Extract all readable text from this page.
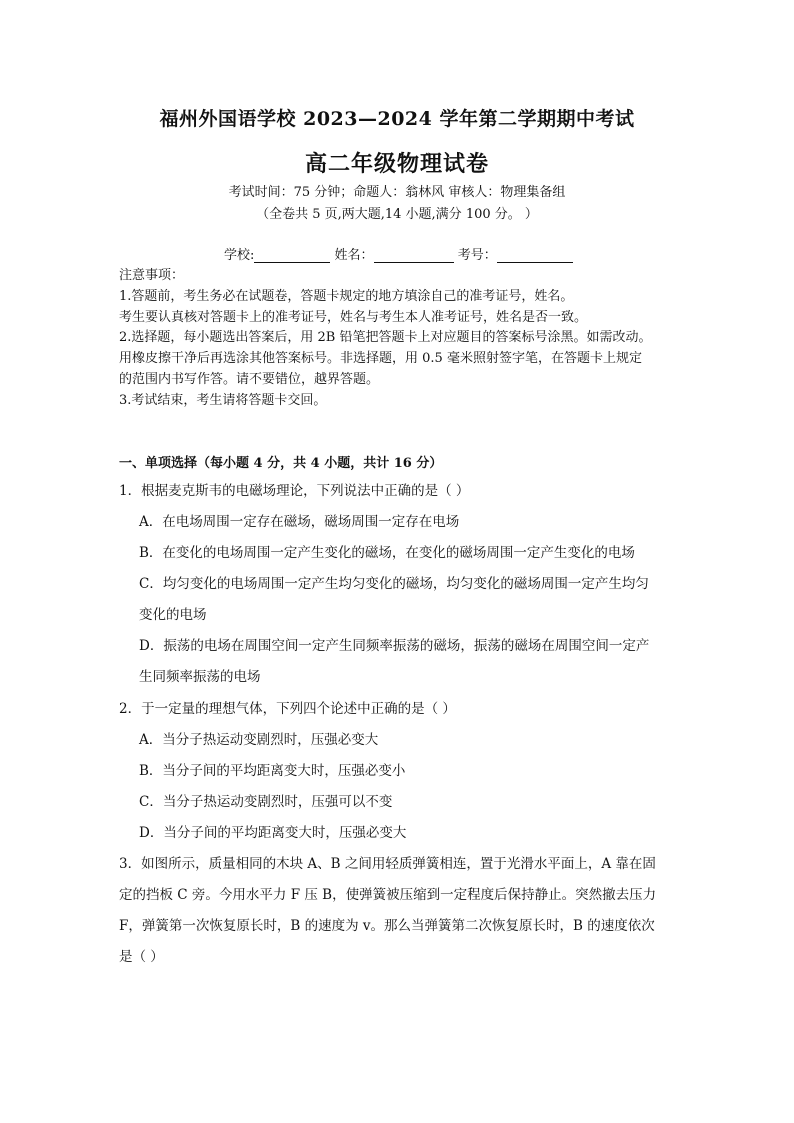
福州外国语学校 2023—2024 学年第二学期期中考试
高二年级物理试卷
考试时间：75 分钟；命题人：翁林风 审核人：物理集备组
（全卷共 5 页,两大题,14 小题,满分 100 分。 ）
学校:	姓名：	考号：
注意事项：
1.答题前，考生务必在试题卷，答题卡规定的地方填涂自己的准考证号，姓名。
考生要认真核对答题卡上的准考证号，姓名与考生本人准考证号，姓名是否一致。
2.选择题，每小题选出答案后，用 2B 铅笔把答题卡上对应题目的答案标号涂黑。如需改动。
用橡皮擦干净后再选涂其他答案标号。非选择题，用 0.5 毫米照射签字笔，在答题卡上规定
的范围内书写作答。请不要错位，越界答题。
3.考试结束，考生请将答题卡交回。
一、单项选择（每小题 4 分，共 4 小题，共计 16 分）
1．根据麦克斯韦的电磁场理论，下列说法中正确的是（ ）
A．在电场周围一定存在磁场，磁场周围一定存在电场
B．在变化的电场周围一定产生变化的磁场，在变化的磁场周围一定产生变化的电场
C．均匀变化的电场周围一定产生均匀变化的磁场，均匀变化的磁场周围一定产生均匀
变化的电场
D．振荡的电场在周围空间一定产生同频率振荡的磁场，振荡的磁场在周围空间一定产
生同频率振荡的电场
2．于一定量的理想气体，下列四个论述中正确的是（ ）
A．当分子热运动变剧烈时，压强必变大
B．当分子间的平均距离变大时，压强必变小
C．当分子热运动变剧烈时，压强可以不变
D．当分子间的平均距离变大时，压强必变大
3．如图所示，质量相同的木块 A、B 之间用轻质弹簧相连，置于光滑水平面上，A 靠在固
定的挡板 C 旁。今用水平力 F 压 B，使弹簧被压缩到一定程度后保持静止。突然撤去压力
F，弹簧第一次恢复原长时，B 的速度为 v。那么当弹簧第二次恢复原长时，B 的速度依次
是（ ）
